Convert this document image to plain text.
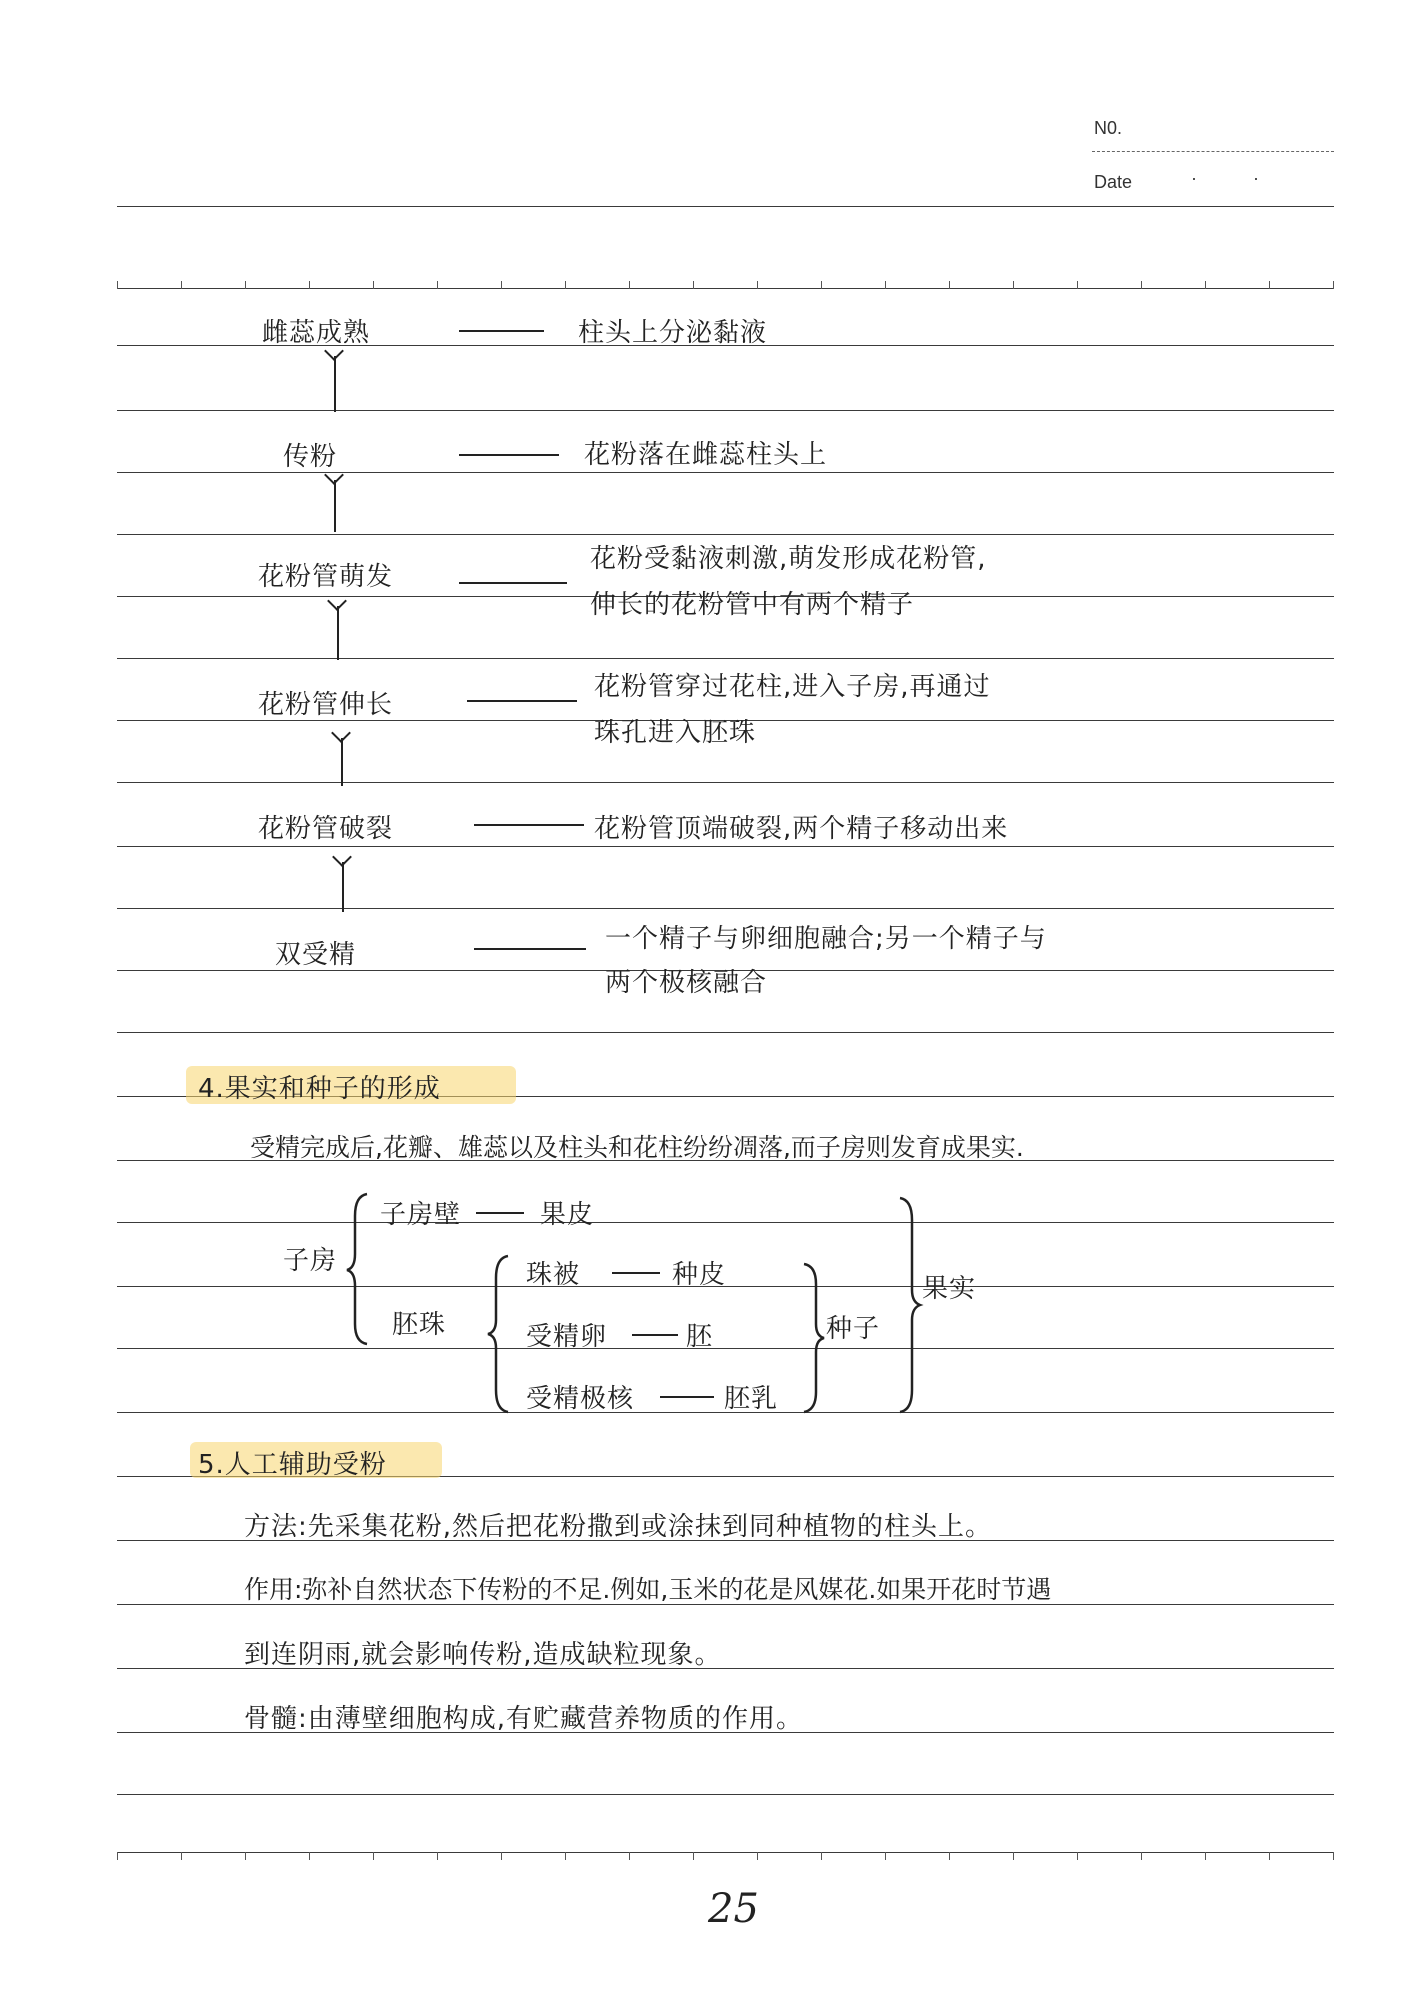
N0.
Date	·	·
雌蕊成熟	柱头上分泌黏液
传粉	花粉落在雌蕊柱头上
花粉管萌发
花粉受黏液刺激,萌发形成花粉管,
伸长的花粉管中有两个精子
花粉管伸长
花粉管穿过花柱,进入子房,再通过
珠孔进入胚珠
花粉管破裂	花粉管顶端破裂,两个精子移动出来
双受精
一个精子与卵细胞融合;另一个精子与
两个极核融合
4.果实和种子的形成
受精完成后,花瓣、雄蕊以及柱头和花柱纷纷凋落,而子房则发育成果实.
子房
子房壁	果皮
胚珠
珠被	种皮
受精卵	胚
受精极核	胚乳
种子
果实
5.人工辅助受粉
方法:先采集花粉,然后把花粉撒到或涂抹到同种植物的柱头上。
作用:弥补自然状态下传粉的不足.例如,玉米的花是风媒花.如果开花时节遇
到连阴雨,就会影响传粉,造成缺粒现象。
骨髓:由薄壁细胞构成,有贮藏营养物质的作用。
25
